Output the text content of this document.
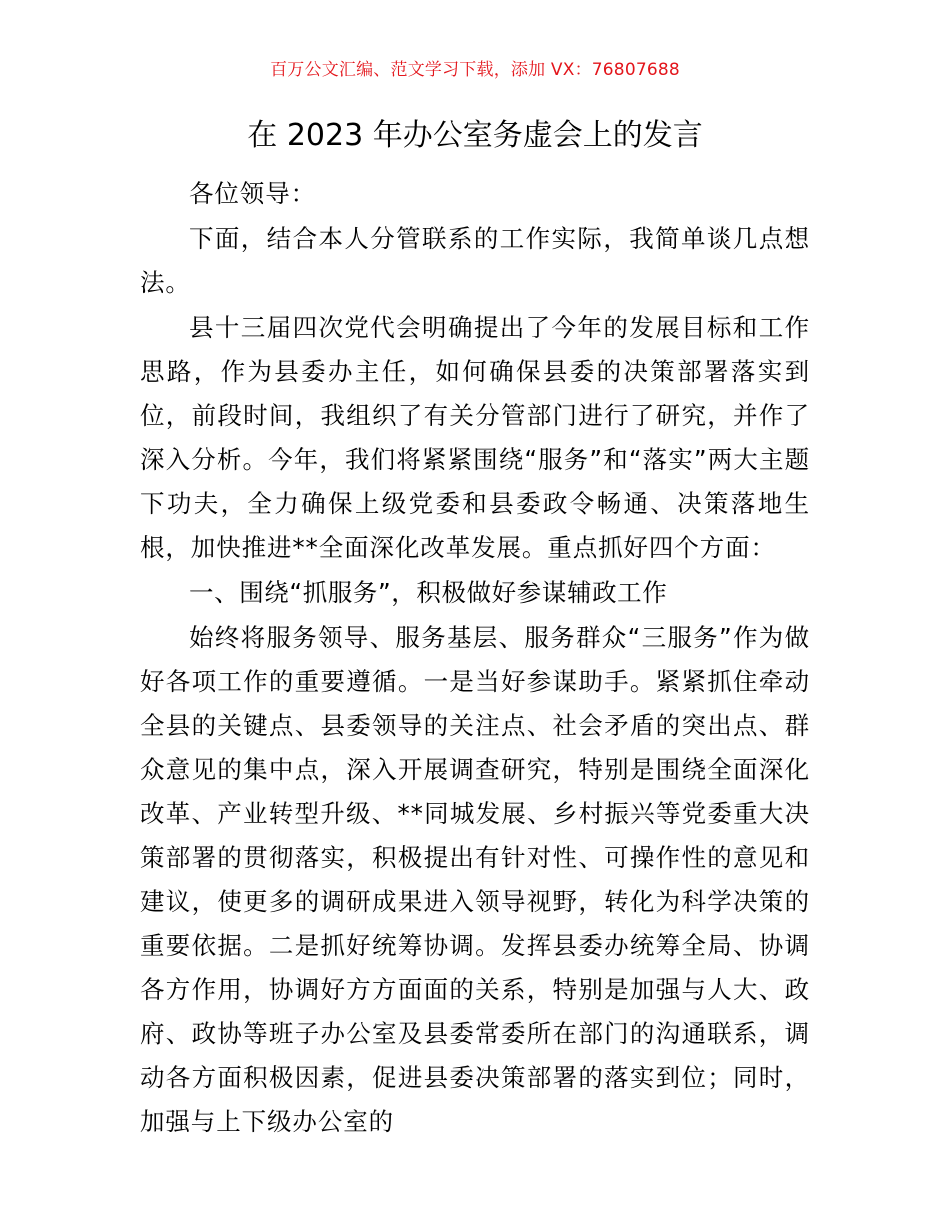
百万公文汇编、范文学习下载，添加 VX：76807688
在 2023 年办公室务虚会上的发言

各位领导：

下面，结合本人分管联系的工作实际，我简单谈几点想法。

县十三届四次党代会明确提出了今年的发展目标和工作思路，作为县委办主任，如何确保县委的决策部署落实到位，前段时间，我组织了有关分管部门进行了研究，并作了深入分析。今年，我们将紧紧围绕“服务”和“落实”两大主题下功夫，全力确保上级党委和县委政令畅通、决策落地生根，加快推进**全面深化改革发展。重点抓好四个方面：

一、围绕“抓服务”，积极做好参谋辅政工作

始终将服务领导、服务基层、服务群众“三服务”作为做好各项工作的重要遵循。一是当好参谋助手。紧紧抓住牵动全县的关键点、县委领导的关注点、社会矛盾的突出点、群众意见的集中点，深入开展调查研究，特别是围绕全面深化改革、产业转型升级、**同城发展、乡村振兴等党委重大决策部署的贯彻落实，积极提出有针对性、可操作性的意见和建议，使更多的调研成果进入领导视野，转化为科学决策的重要依据。二是抓好统筹协调。发挥县委办统筹全局、协调各方作用，协调好方方面面的关系，特别是加强与人大、政府、政协等班子办公室及县委常委所在部门的沟通联系，调动各方面积极因素，促进县委决策部署的落实到位；同时，加强与上下级办公室的
